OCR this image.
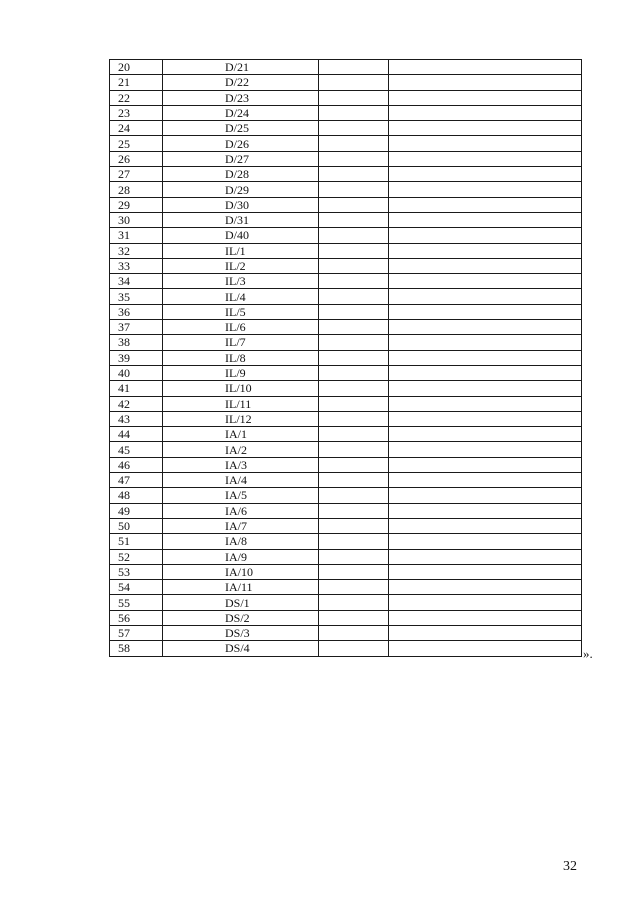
20	D/21		
21	D/22		
22	D/23		
23	D/24		
24	D/25		
25	D/26		
26	D/27		
27	D/28		
28	D/29		
29	D/30		
30	D/31		
31	D/40		
32	IL/1		
33	IL/2		
34	IL/3		
35	IL/4		
36	IL/5		
37	IL/6		
38	IL/7		
39	IL/8		
40	IL/9		
41	IL/10		
42	IL/11		
43	IL/12		
44	IA/1		
45	IA/2		
46	IA/3		
47	IA/4		
48	IA/5		
49	IA/6		
50	IA/7		
51	IA/8		
52	IA/9		
53	IA/10		
54	IA/11		
55	DS/1		
56	DS/2		
57	DS/3		
58	DS/4			».
32
